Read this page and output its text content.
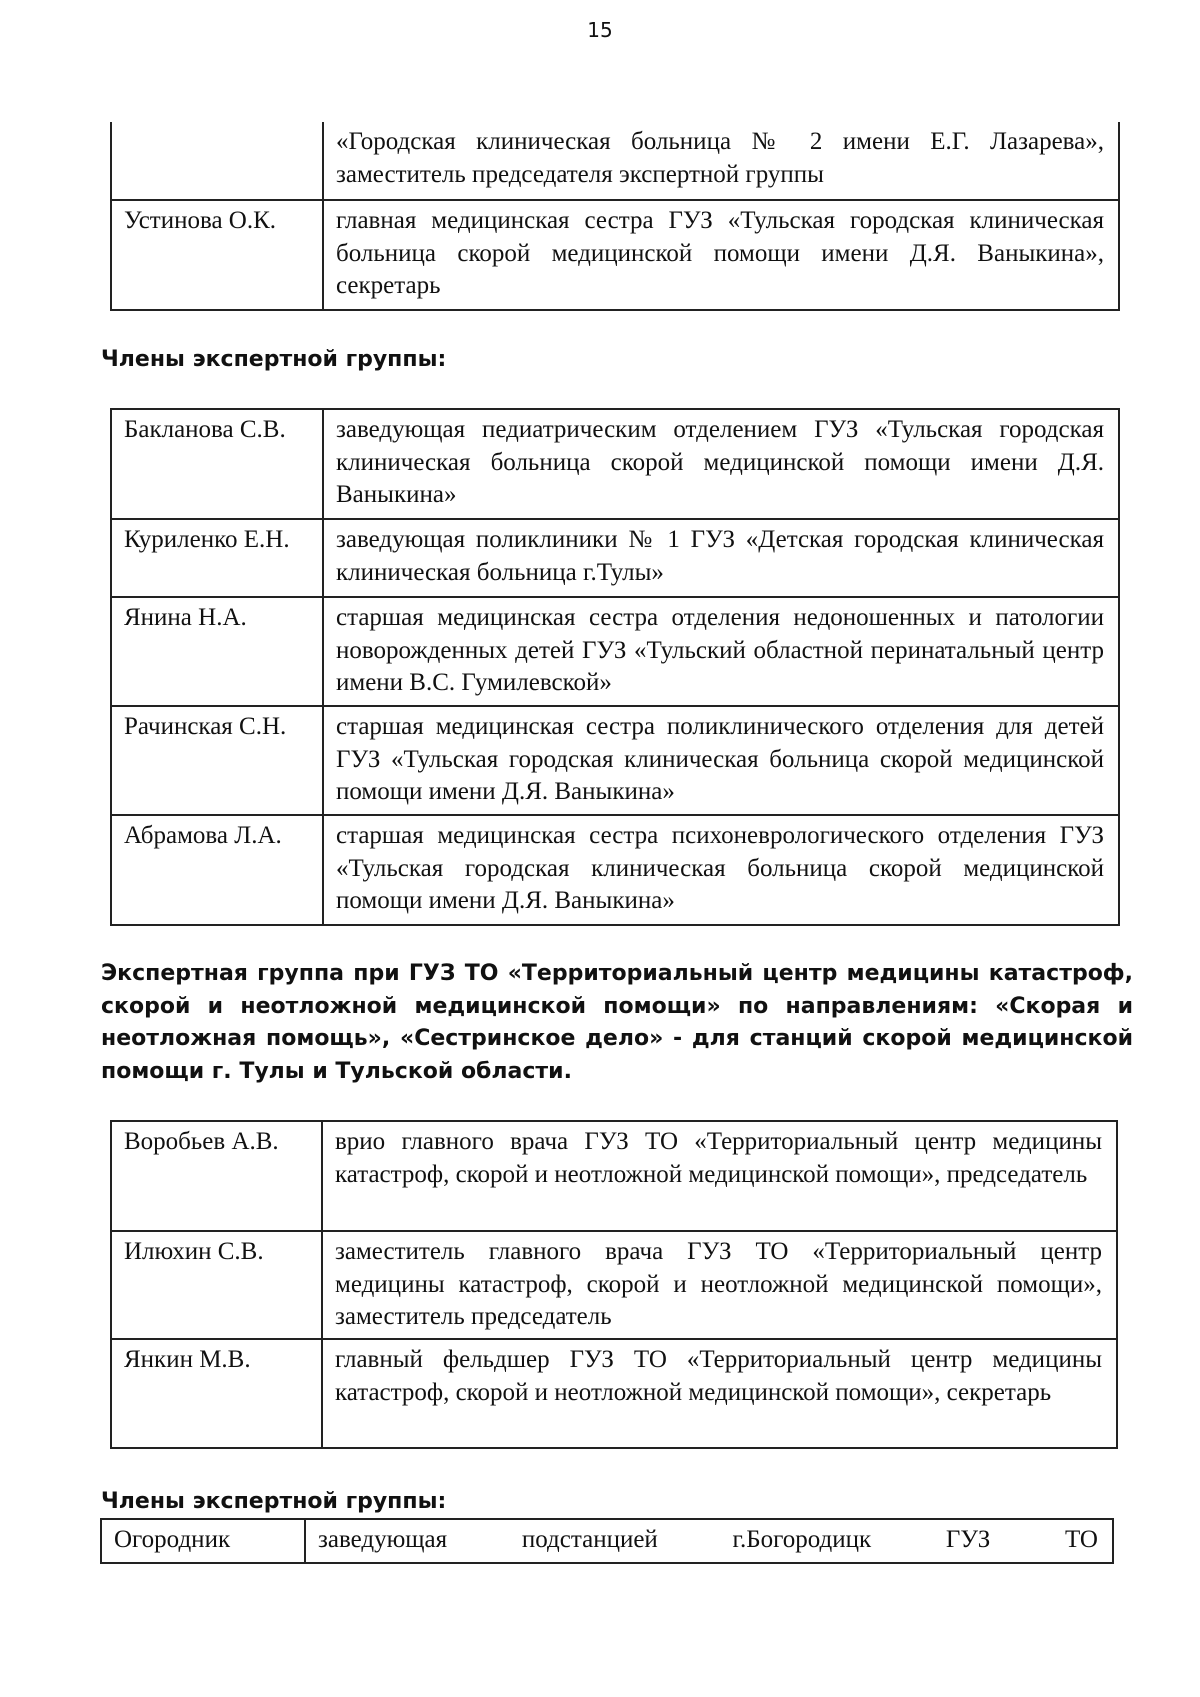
15
	«Городская клиническая больница № 2 имени Е.Г. Лазарева», заместитель председателя экспертной группы
Устинова О.К.	главная медицинская сестра ГУЗ «Тульская городская клиническая больница скорой медицинской помощи имени Д.Я. Ваныкина», секретарь
Члены экспертной группы:
Бакланова С.В.	заведующая педиатрическим отделением ГУЗ «Тульская городская клиническая больница скорой медицинской помощи имени Д.Я. Ваныкина»
Куриленко Е.Н.	заведующая поликлиники № 1 ГУЗ «Детская городская клиническая клиническая больница г.Тулы»
Янина Н.А.	старшая медицинская сестра отделения недоношенных и патологии новорожденных детей ГУЗ «Тульский областной перинатальный центр имени В.С. Гумилевской»
Рачинская С.Н.	старшая медицинская сестра поликлинического отделения для детей ГУЗ «Тульская городская клиническая больница скорой медицинской помощи имени Д.Я. Ваныкина»
Абрамова Л.А.	старшая медицинская сестра психоневрологического отделения ГУЗ «Тульская городская клиническая больница скорой медицинской помощи имени Д.Я. Ваныкина»
Экспертная группа при ГУЗ ТО «Территориальный центр медицины катастроф, скорой и неотложной медицинской помощи» по направлениям: «Скорая и неотложная помощь», «Сестринское дело» - для станций скорой медицинской помощи г. Тулы и Тульской области.
Воробьев А.В.	врио главного врача ГУЗ ТО «Территориальный центр медицины катастроф, скорой и неотложной медицинской помощи», председатель
Илюхин С.В.	заместитель главного врача ГУЗ ТО «Территориальный центр медицины катастроф, скорой и неотложной медицинской помощи», заместитель председатель
Янкин М.В.	главный фельдшер ГУЗ ТО «Территориальный центр медицины катастроф, скорой и неотложной медицинской помощи», секретарь
Члены экспертной группы:
Огородник	заведующая подстанцией г.Богородицк ГУЗ ТО
